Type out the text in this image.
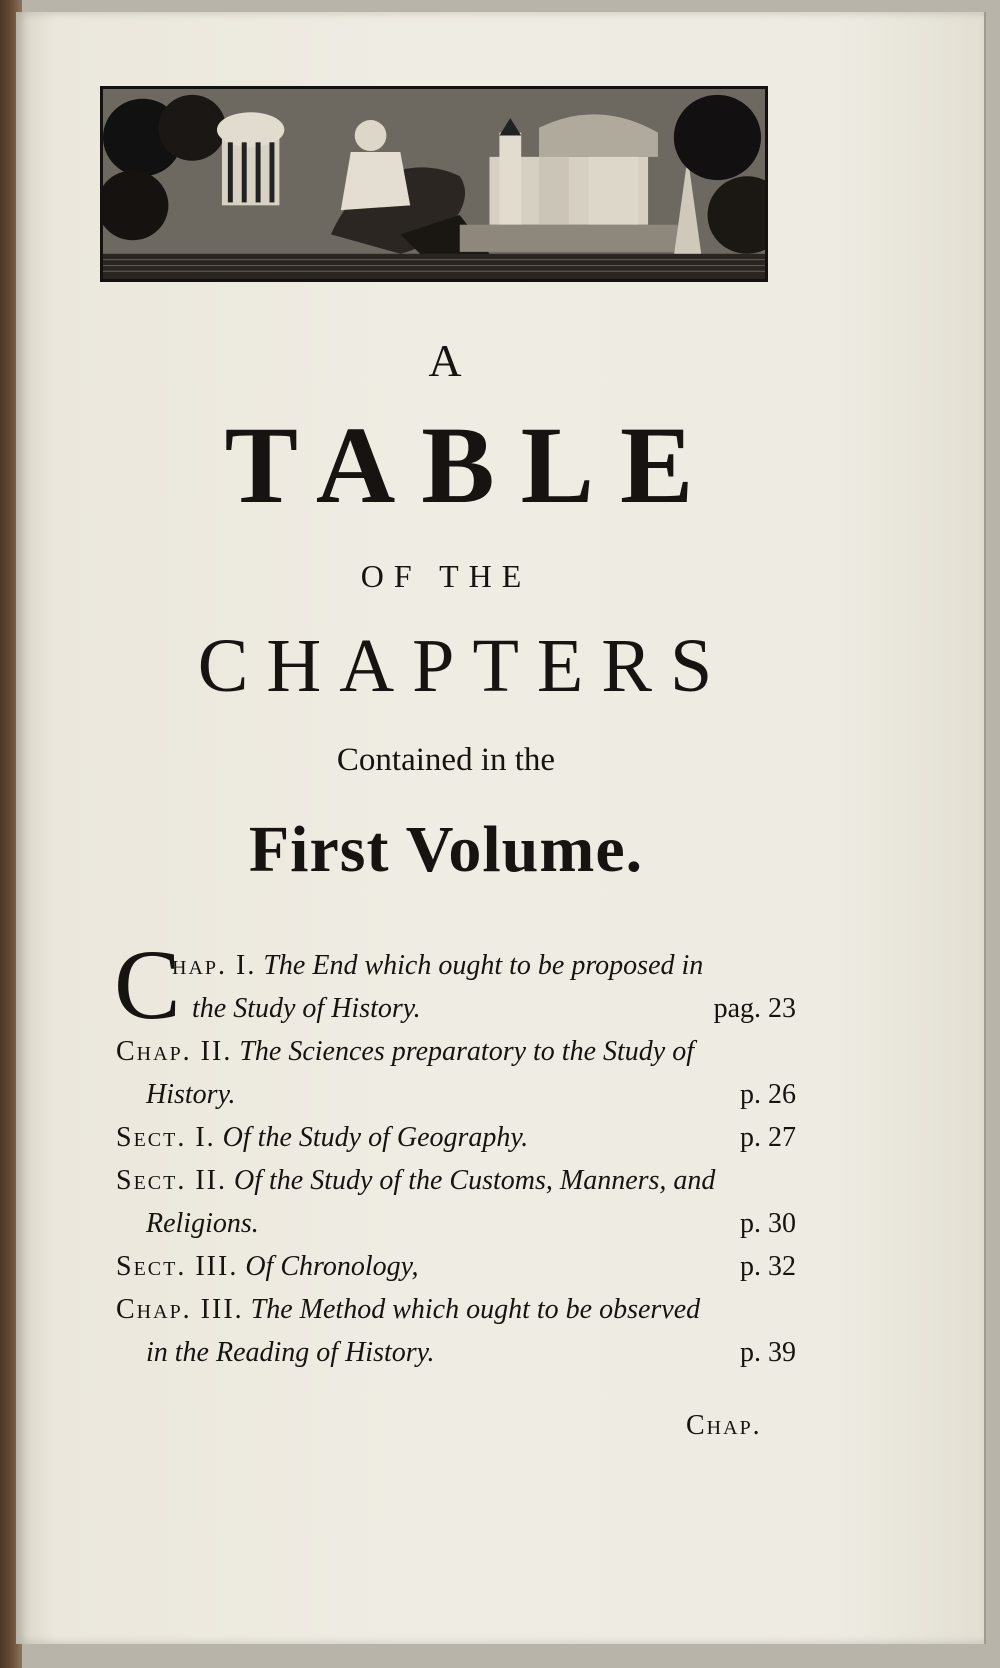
A
TABLE
OF THE
CHAPTERS
Contained in the
First Volume.
C
hap. I.
The End which ought to be proposed in
the Study of History.	pag. 23
Chap. II.
The Sciences preparatory to the Study of
History.	p. 26
Sect. I.
Of the Study of Geography.	p. 27
Sect. II.
Of the Study of the Customs, Manners, and
Religions.	p. 30
Sect. III.
Of Chronology,	p. 32
Chap. III.
The Method which ought to be observed
in the Reading of History.	p. 39
Chap.
